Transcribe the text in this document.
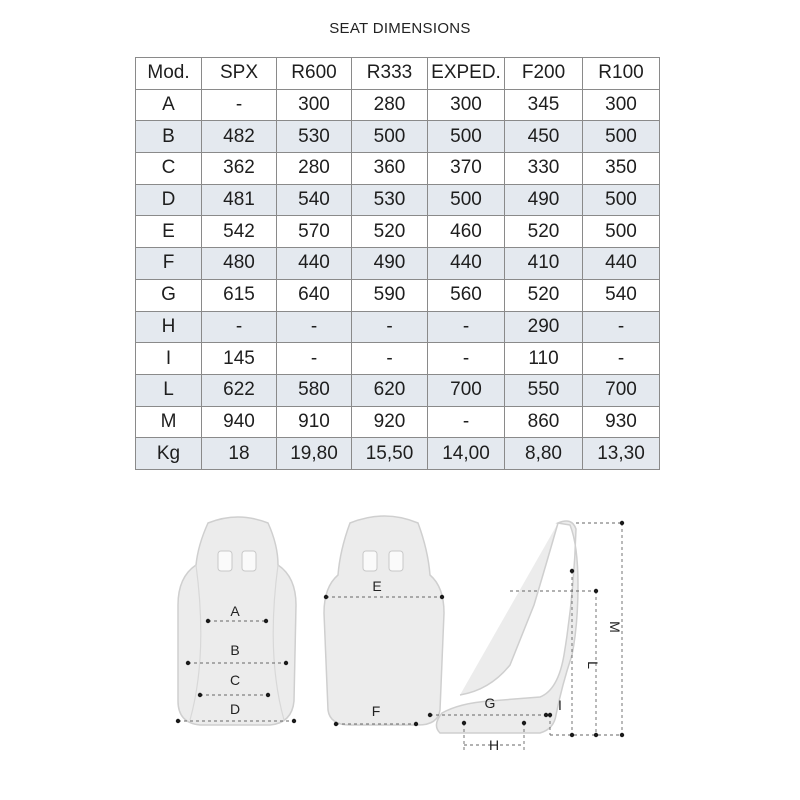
SEAT DIMENSIONS
Mod.	SPX	R600	R333	EXPED.	F200	R100
A	-	300	280	300	345	300
B	482	530	500	500	450	500
C	362	280	360	370	330	350
D	481	540	530	500	490	500
E	542	570	520	460	520	500
F	480	440	490	440	410	440
G	615	640	590	560	520	540
H	-	-	-	-	290	-
I	145	-	-	-	110	-
L	622	580	620	700	550	700
M	940	910	920	-	860	930
Kg	18	19,80	15,50	14,00	8,80	13,30
A
B
C
D
E
F	G
H
I
L
M
